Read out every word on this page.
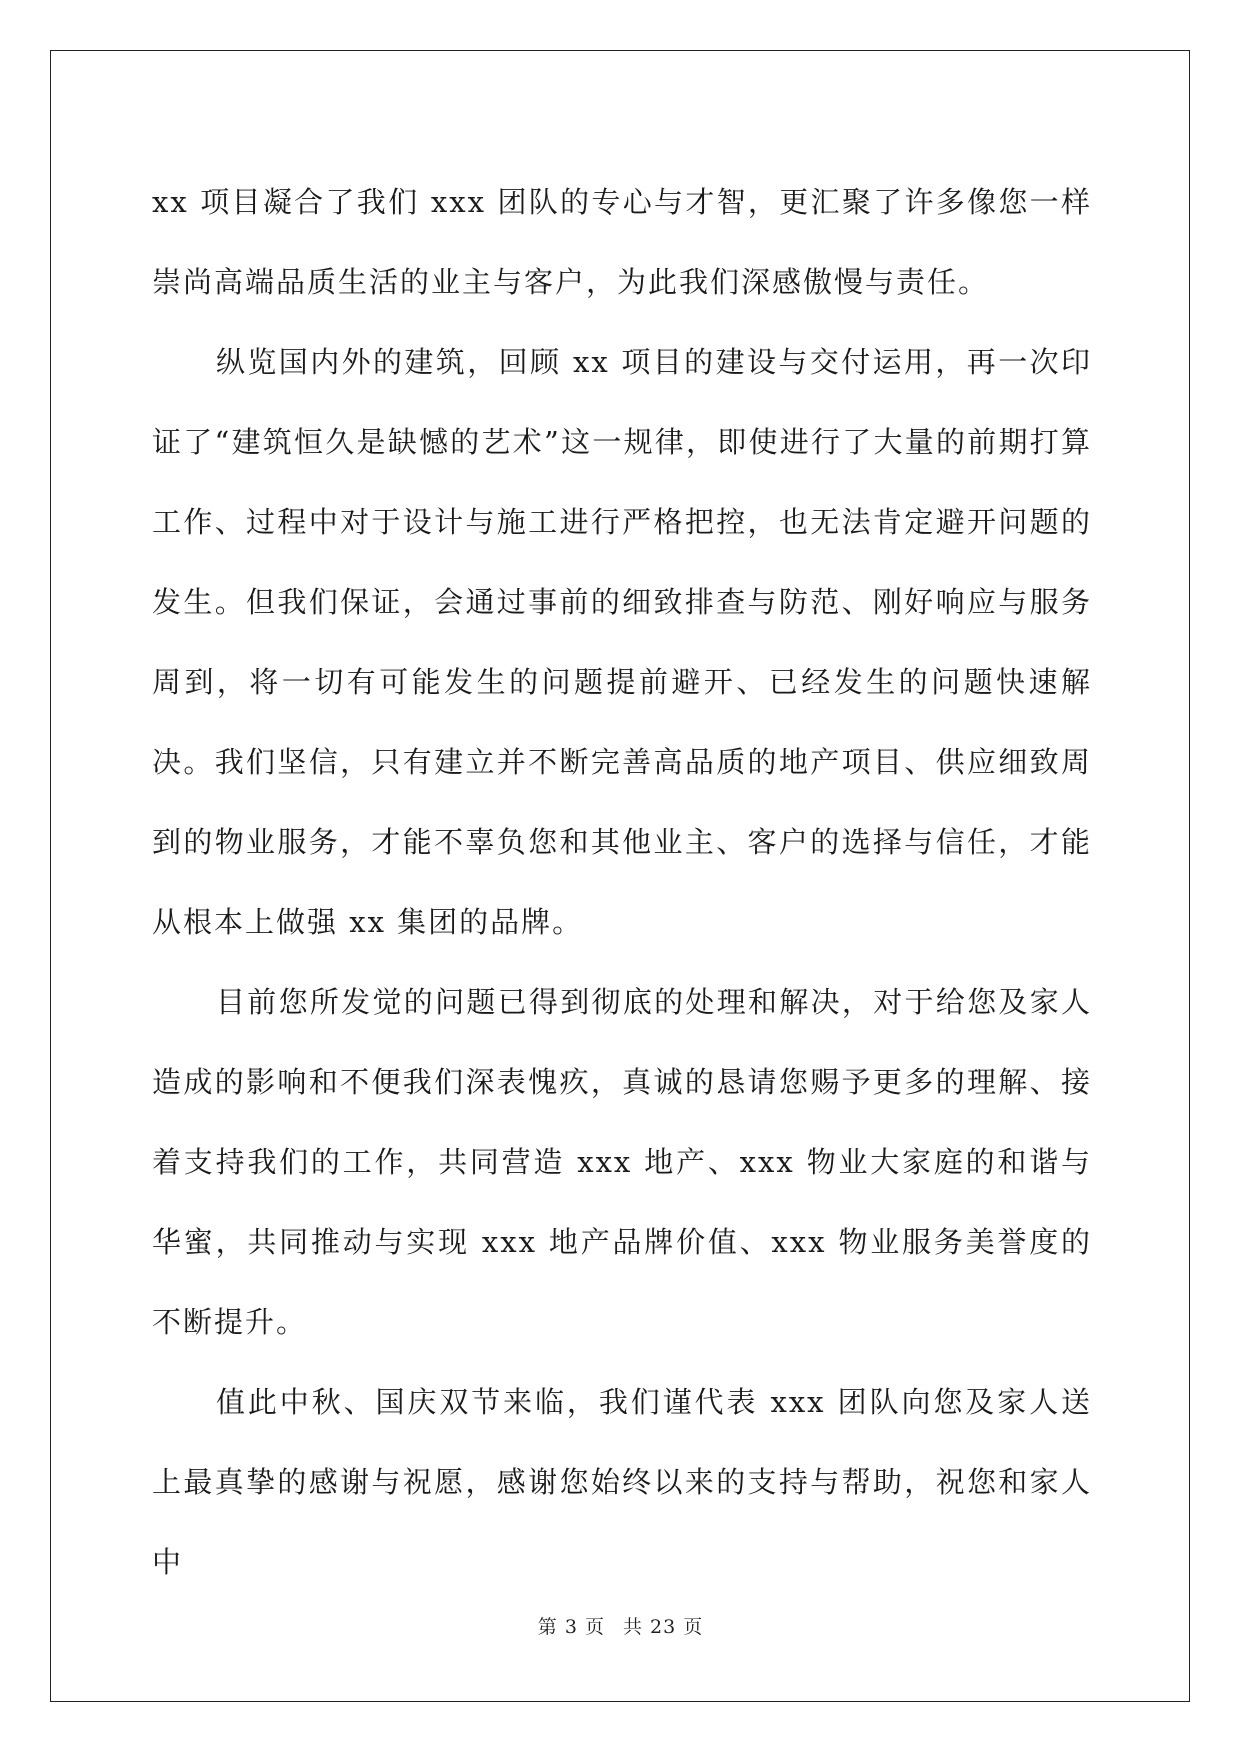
xx 项目凝合了我们 xxx 团队的专心与才智，更汇聚了许多像您一样崇尚高端品质生活的业主与客户，为此我们深感傲慢与责任。

纵览国内外的建筑，回顾 xx 项目的建设与交付运用，再一次印证了“建筑恒久是缺憾的艺术”这一规律，即使进行了大量的前期打算工作、过程中对于设计与施工进行严格把控，也无法肯定避开问题的发生。但我们保证，会通过事前的细致排查与防范、刚好响应与服务周到，将一切有可能发生的问题提前避开、已经发生的问题快速解决。我们坚信，只有建立并不断完善高品质的地产项目、供应细致周到的物业服务，才能不辜负您和其他业主、客户的选择与信任，才能从根本上做强 xx 集团的品牌。

目前您所发觉的问题已得到彻底的处理和解决，对于给您及家人造成的影响和不便我们深表愧疚，真诚的恳请您赐予更多的理解、接着支持我们的工作，共同营造 xxx 地产、xxx 物业大家庭的和谐与华蜜，共同推动与实现 xxx 地产品牌价值、xxx 物业服务美誉度的不断提升。

值此中秋、国庆双节来临，我们谨代表 xxx 团队向您及家人送上最真挚的感谢与祝愿，感谢您始终以来的支持与帮助，祝您和家人中

第 3 页 共 23 页
